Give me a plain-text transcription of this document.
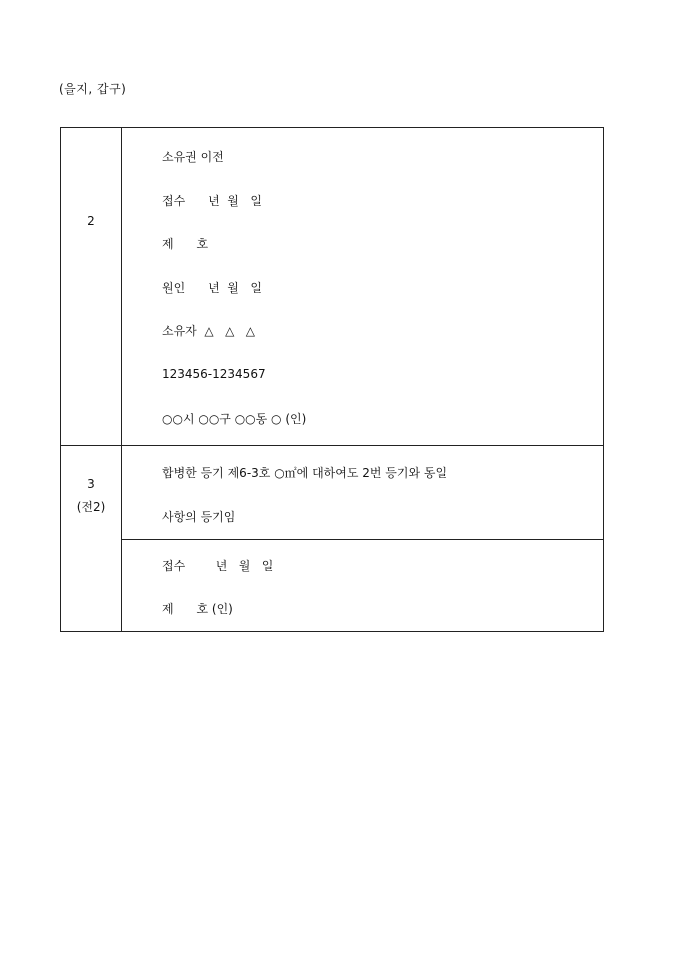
(을지, 갑구)
2
소유권 이전
접수      년  월   일
제      호
원인      년  월   일
소유자  △   △   △
123456-1234567
○○시 ○○구 ○○동 ○ (인)
3
(전2)
합병한 등기 제6-3호 ○㎡에 대하여도 2번 등기와 동일
사항의 등기임
접수        년   월   일
제      호 (인)
